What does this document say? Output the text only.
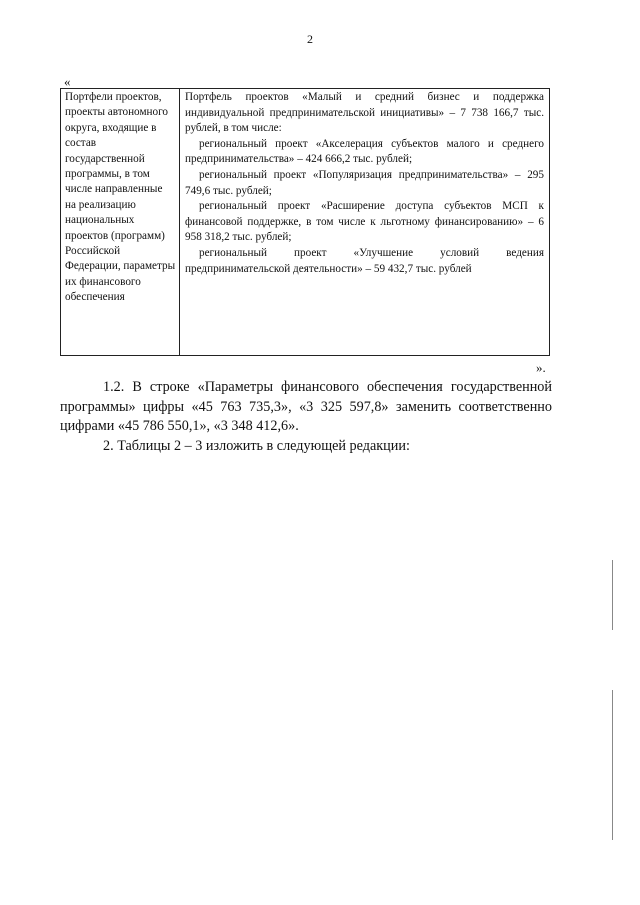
2
«
Портфели проектов, проекты автономного округа, входящие в состав государственной программы, в том числе направленные на реализацию национальных проектов (программ) Российской Федерации, параметры их финансового обеспечения

Портфель проектов «Малый и средний бизнес и поддержка индивидуальной предпринимательской инициативы» – 7 738 166,7 тыс. рублей, в том числе:

региональный проект «Акселерация субъектов малого и среднего предпринимательства» – 424 666,2 тыс. рублей;

региональный проект «Популяризация предпринимательства» – 295 749,6 тыс. рублей;

региональный проект «Расширение доступа субъектов МСП к финансовой поддержке, в том числе к льготному финансированию» – 6 958 318,2 тыс. рублей;

региональный проект «Улучшение условий ведения предпринимательской деятельности» – 59 432,7 тыс. рублей

».

1.2. В строке «Параметры финансового обеспечения государственной программы» цифры «45 763 735,3», «3 325 597,8» заменить соответственно цифрами «45 786 550,1», «3 348 412,6».

2. Таблицы 2 – 3 изложить в следующей редакции:
